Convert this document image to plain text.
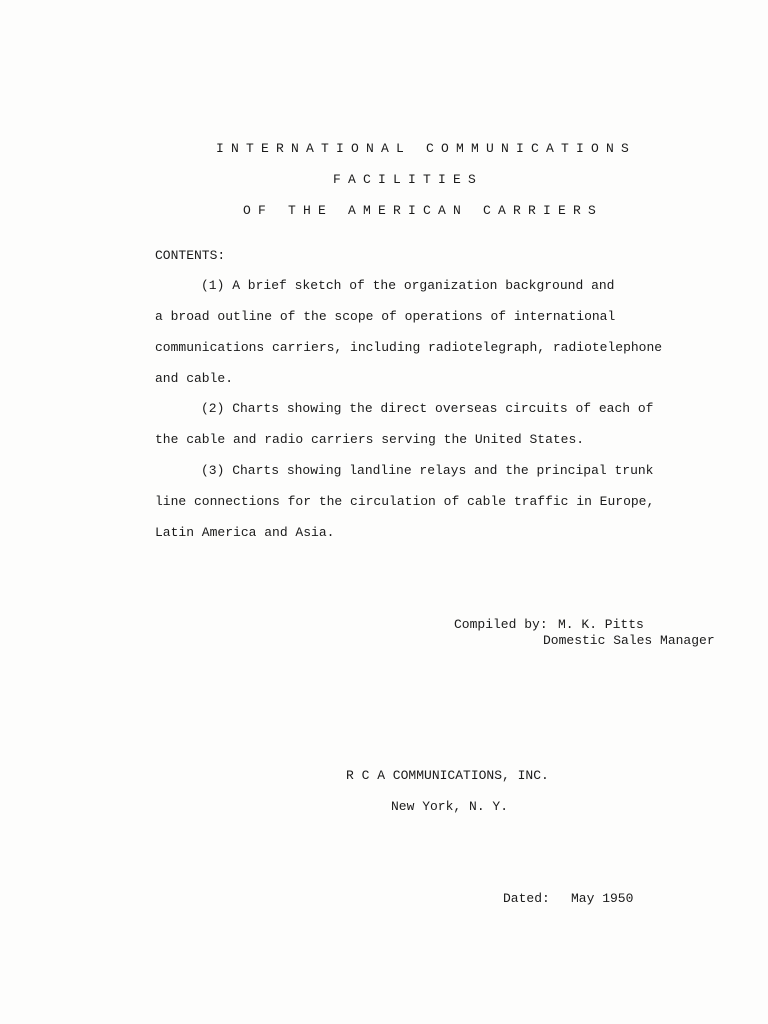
INTERNATIONAL COMMUNICATIONS
FACILITIES
OF THE AMERICAN CARRIERS
CONTENTS:
(1) A brief sketch of the organization background and
a broad outline of the scope of operations of international
communications carriers, including radiotelegraph, radiotelephone
and cable.
(2) Charts showing the direct overseas circuits of each of
the cable and radio carriers serving the United States.
(3) Charts showing landline relays and the principal trunk
line connections for the circulation of cable traffic in Europe,
Latin America and Asia.
Compiled by: M. K. Pitts
Domestic Sales Manager
R C A COMMUNICATIONS, INC.
New York, N. Y.
Dated: May 1950
